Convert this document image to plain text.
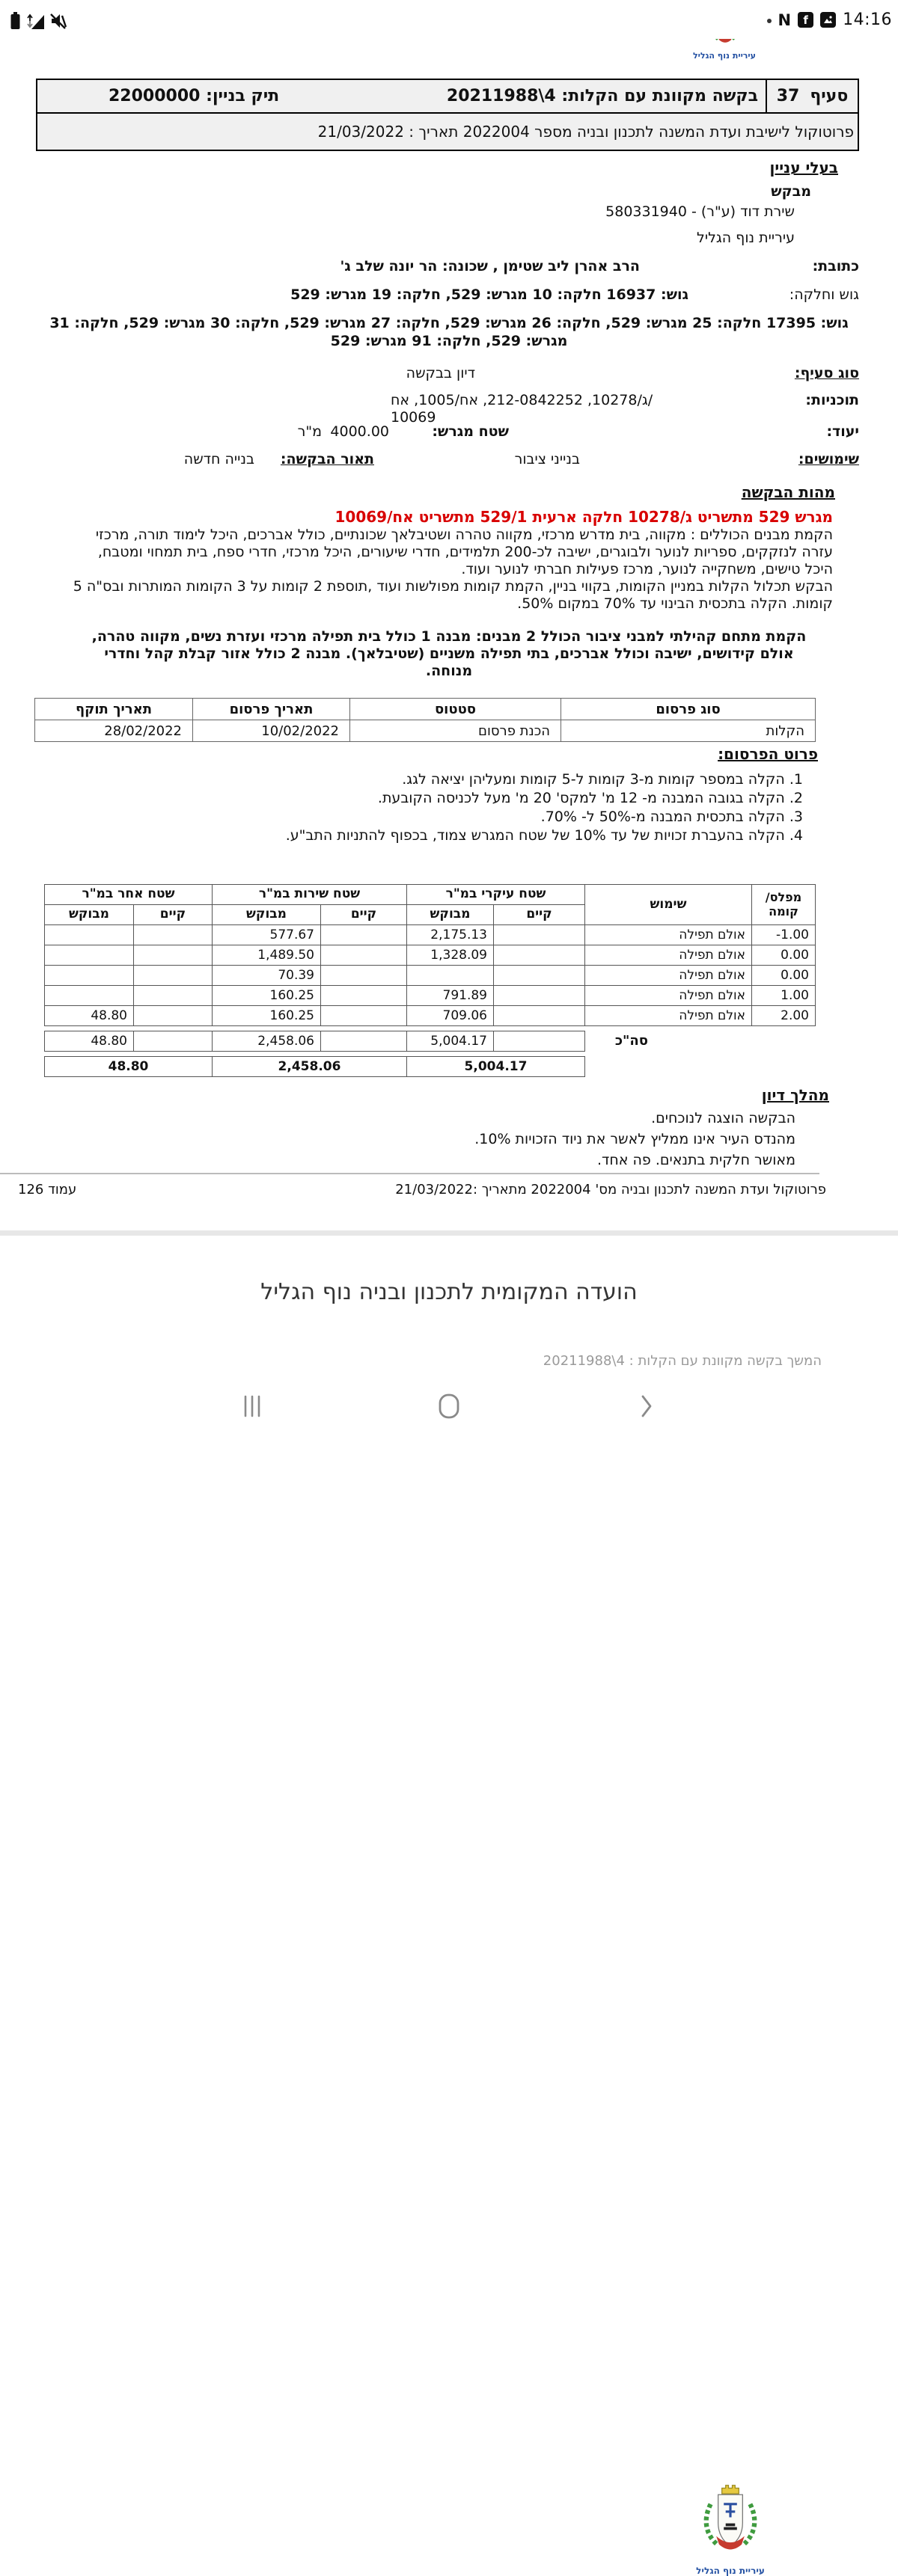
N	f	14:16
עיריית נוף הגליל
סעיף
37
בקשה מקוונת עם הקלות: 20211988\4
תיק בניין: 22000000
פרוטוקול לישיבת ועדת המשנה לתכנון ובניה מספר 2022004 תאריך : 21/03/2022
בעלי עניין
מבקש
שירת דוד (ע"ר) - 580331940
עיריית נוף הגליל
כתובת:
הרב אהרן ליב שטימן , שכונה: הר יונה שלב ג'
גוש וחלקה:
גוש: 16937 חלקה: 10 מגרש: 529, חלקה: 19 מגרש: 529
גוש: 17395 חלקה: 25 מגרש: 529, חלקה: 26 מגרש: 529, חלקה: 27 מגרש: 529, חלקה: 30 מגרש: 529, חלקה: 31 מגרש: 529, חלקה: 91 מגרש: 529
סוג סעיף:
דיון בבקשה
תוכניות:
ג/10278, 212-0842252, אח/1005, אח/
10069
יעוד:
שטח מגרש:
4000.00
מ"ר
שימושים:
בנייני ציבור
תאור הבקשה:
בנייה חדשה
מהות הבקשה
מגרש 529 מתשריט ג/10278 חלקה ארעית 529/1 מתשריט אח/10069
הקמת מבנים הכוללים : מקווה, בית מדרש מרכזי, מקווה טהרה ושטיבלאך שכונתיים, כולל אברכים, היכל לימוד תורה, מרכזי עזרה לנזקקים, ספריות לנוער ולבוגרים, ישיבה לכ-200 תלמידים, חדרי שיעורים, היכל מרכזי, חדרי ספח, בית תמחוי ומטבח, היכל טישים, משחקייה לנוער, מרכז פעילות חברתי לנוער ועוד.
הבקש תכלול הקלות במניין הקומות, בקווי בניין, הקמת קומות מפולשות ועוד ,תוספת 2 קומות על 3 הקומות המותרות ובס"ה 5 קומות. הקלה בתכסית הבינוי עד 70% במקום 50%.
הקמת מתחם קהילתי למבני ציבור הכולל 2 מבנים: מבנה 1 כולל בית תפילה מרכזי ועזרת נשים, מקווה טהרה, אולם קידושים, ישיבה וכולל אברכים, בתי תפילה משניים (שטיבלאך). מבנה 2 כולל אזור קבלת קהל וחדרי מנוחה.
סוג פרסום	סטטוס	תאריך פרסום	תאריך תוקף
הקלות	הכנת פרסום	10/02/2022	28/02/2022
פרוט הפרסום:
1. הקלה במספר קומות מ-3 קומות ל-5 קומות ומעליהן יציאה לגג.
2. הקלה בגובה המבנה מ- 12 מ' למקס' 20 מ' מעל לכניסה הקובעת.
3. הקלה בתכסית המבנה מ-50% ל- 70%.
4. הקלה בהעברת זכויות של עד 10% של שטח המגרש צמוד, בכפוף להתניות התב"ע.
מפלס/
קומה	שימוש	שטח עיקרי במ"ר		שטח שירות במ"ר		שטח אחר במ"ר	
		קיים	מבוקש	קיים	מבוקש	קיים	מבוקש
-1.00	אולם תפילה		2,175.13		577.67		
0.00	אולם תפילה		1,328.09		1,489.50		
0.00	אולם תפילה				70.39		
1.00	אולם תפילה		791.89		160.25		
2.00	אולם תפילה		709.06		160.25		48.80
סה"כ
	5,004.17		2,458.06		48.80
5,004.17	2,458.06	48.80
מהלך דיון
הבקשה הוצגה לנוכחים.
מהנדס העיר אינו ממליץ לאשר את ניוד הזכויות 10%.
מאושר חלקית בתנאים. פה אחד.
פרוטוקול ועדת המשנה לתכנון ובניה מס' 2022004 מתאריך :21/03/2022
עמוד 126
עיריית נוף הגליל
הועדה המקומית לתכנון ובניה נוף הגליל
המשך בקשה מקוונת עם הקלות : 20211988\4
